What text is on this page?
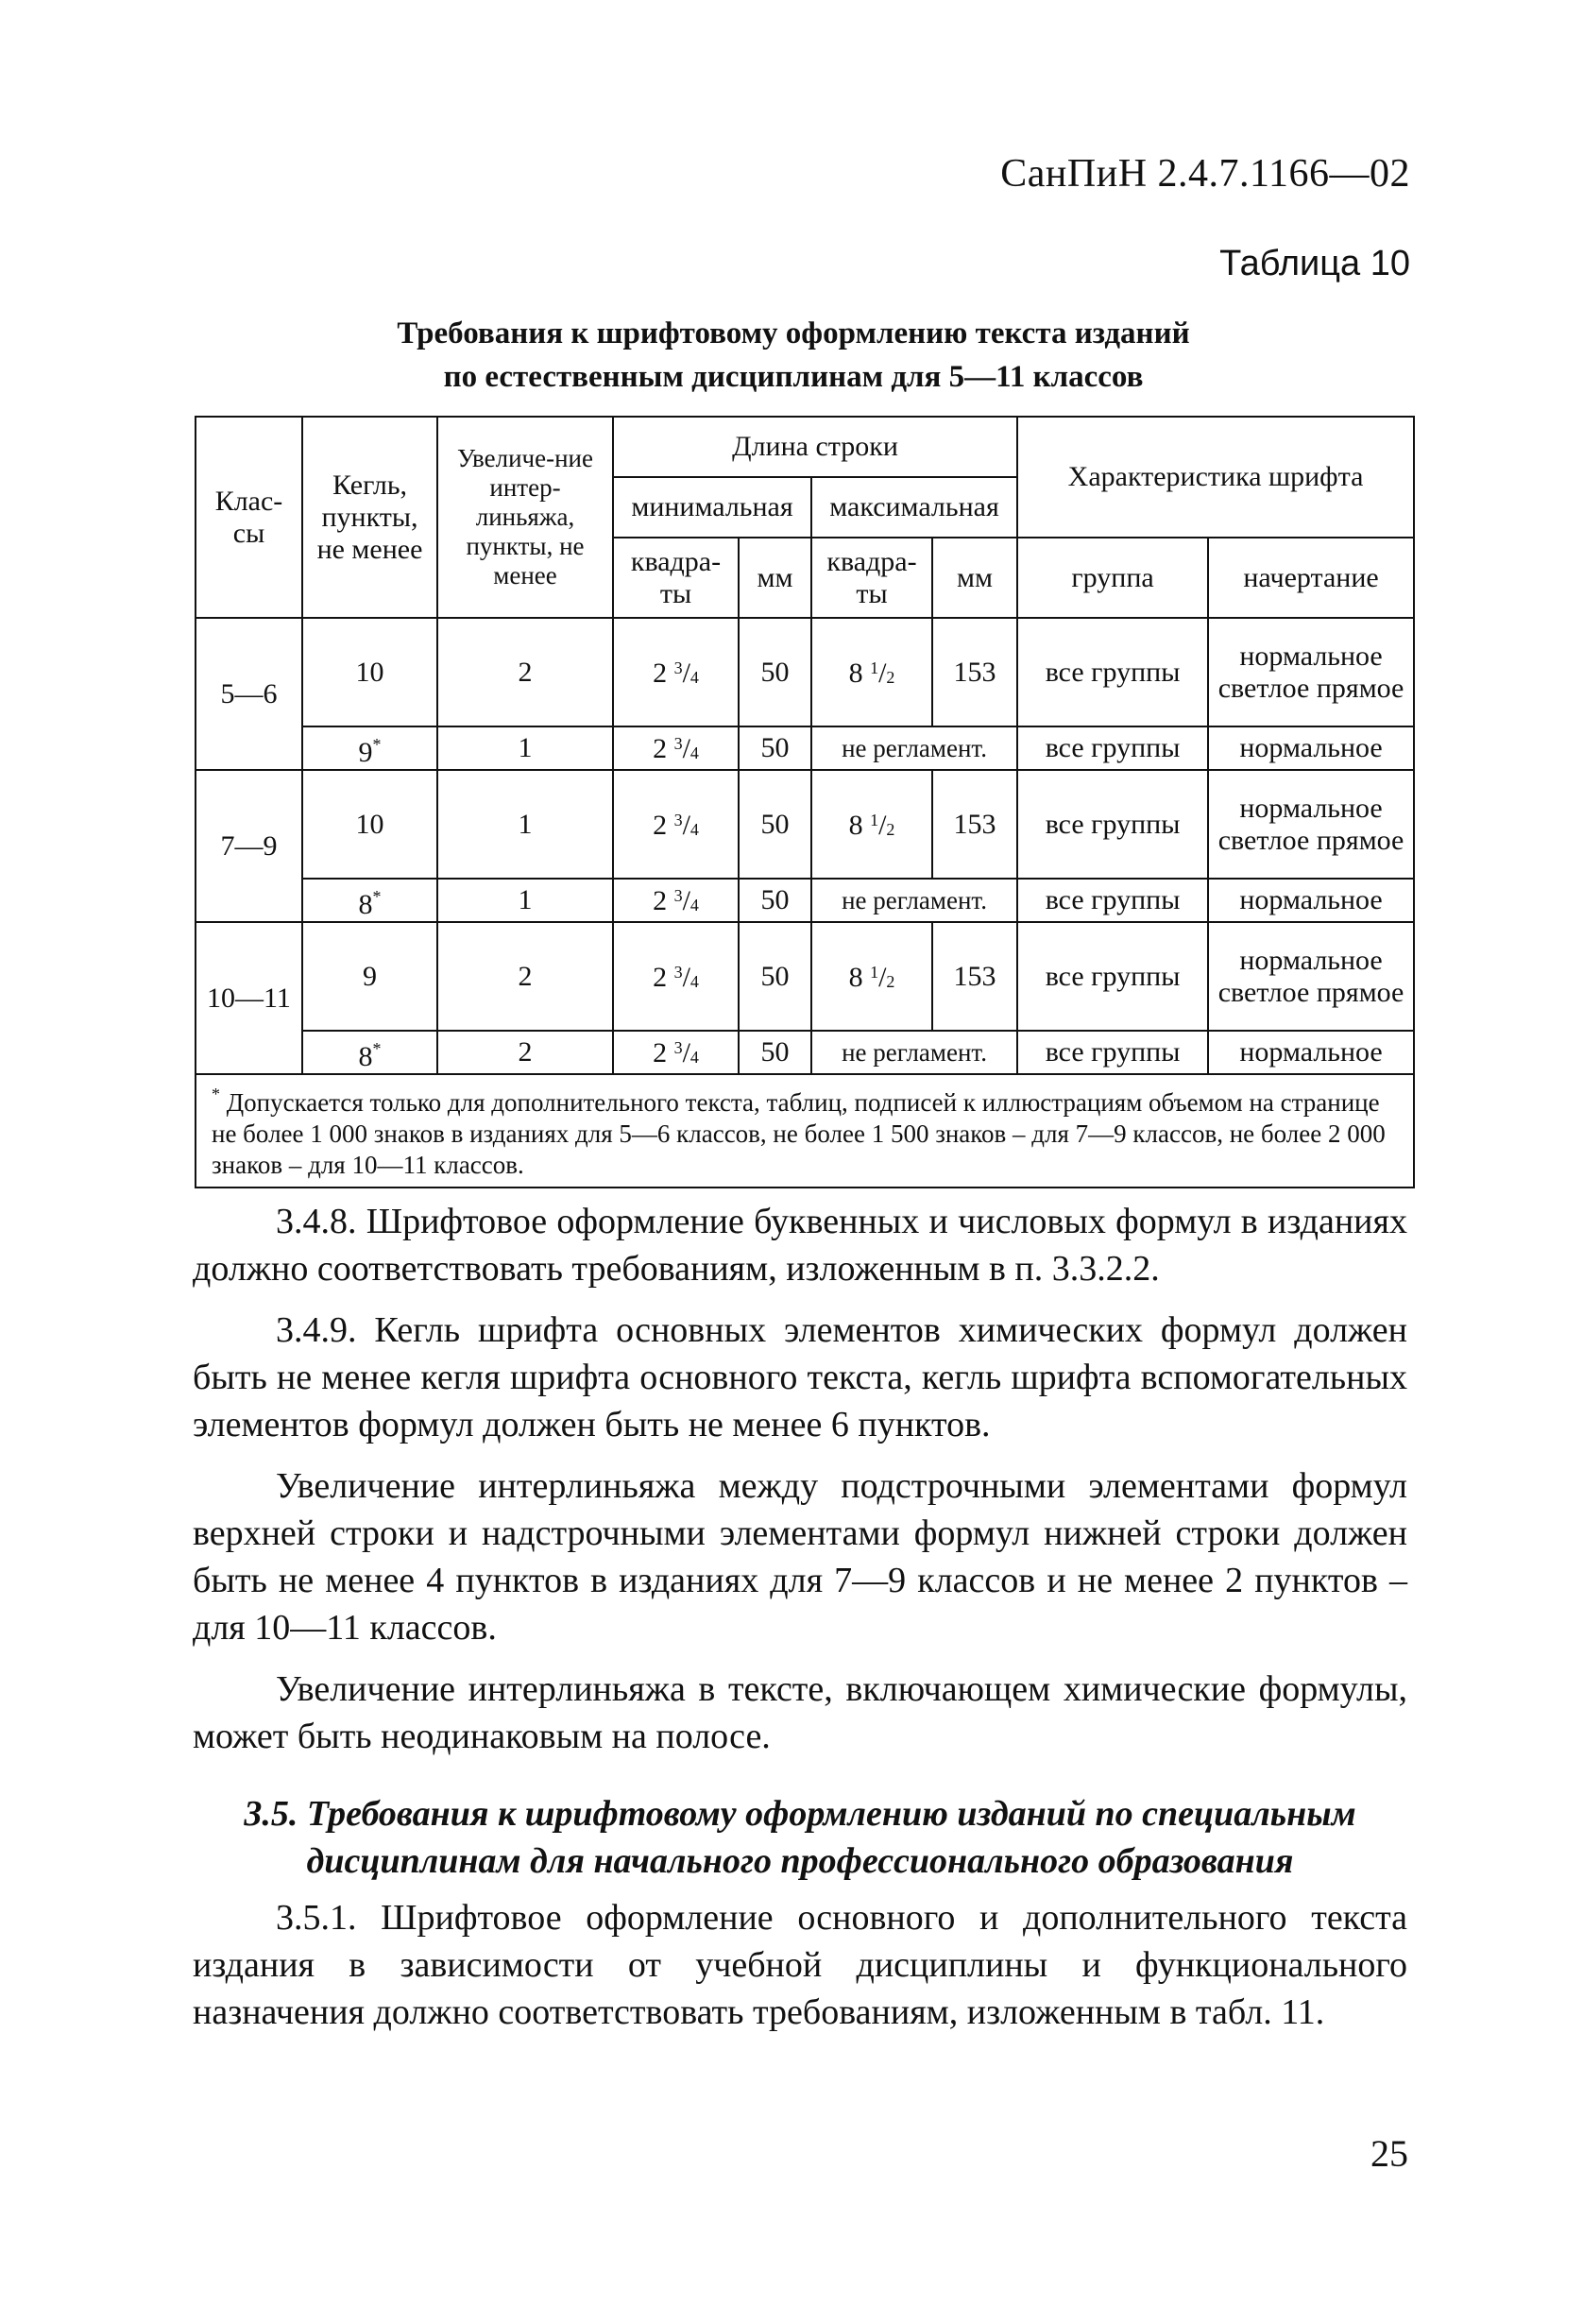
СанПиН 2.4.7.1166—02
Таблица 10
Требования к шрифтовому оформлению текста изданий
по естественным дисциплинам для 5—11 классов
Клас-сы	Кегль, пункты, не менее	Увеличе-ние интер-линьяжа, пункты, не менее	Длина строки				Характеристика шрифта	
			минимальная		максимальная			
			квадра-ты	мм	квадра-ты	мм	группа	начертание
5—6	10	2	2 $^3/_4$	50	8 $^1/_2$	153	все группы	нормальное светлое прямое
	9*	1	2 $^3/_4$	50	не регламент.		все группы	нормальное
7—9	10	1	2 $^3/_4$	50	8 $^1/_2$	153	все группы	нормальное светлое прямое
	8*	1	2 $^3/_4$	50	не регламент.		все группы	нормальное
10—11	9	2	2 $^3/_4$	50	8 $^1/_2$	153	все группы	нормальное светлое прямое
	8*	2	2 $^3/_4$	50	не регламент.		все группы	нормальное
* Допускается только для дополнительного текста, таблиц, подписей к иллюстрациям объемом на странице не более 1 000 знаков в изданиях для 5—6 классов, не более 1 500 знаков – для 7—9 классов, не более 2 000 знаков – для 10—11 классов.								

3.4.8. Шрифтовое оформление буквенных и числовых формул в изданиях должно соответствовать требованиям, изложенным в п. 3.3.2.2.

3.4.9. Кегль шрифта основных элементов химических формул должен быть не менее кегля шрифта основного текста, кегль шрифта вспомогательных элементов формул должен быть не менее 6 пунктов.

Увеличение интерлиньяжа между подстрочными элементами формул верхней строки и надстрочными элементами формул нижней строки должен быть не менее 4 пунктов в изданиях для 7—9 классов и не менее 2 пунктов – для 10—11 классов.

Увеличение интерлиньяжа в тексте, включающем химические формулы, может быть неодинаковым на полосе.

3.5. Требования к шрифтовому оформлению изданий по специальным дисциплинам для начального профессионального образования

3.5.1. Шрифтовое оформление основного и дополнительного текста издания в зависимости от учебной дисциплины и функционального назначения должно соответствовать требованиям, изложенным в табл. 11.

25
